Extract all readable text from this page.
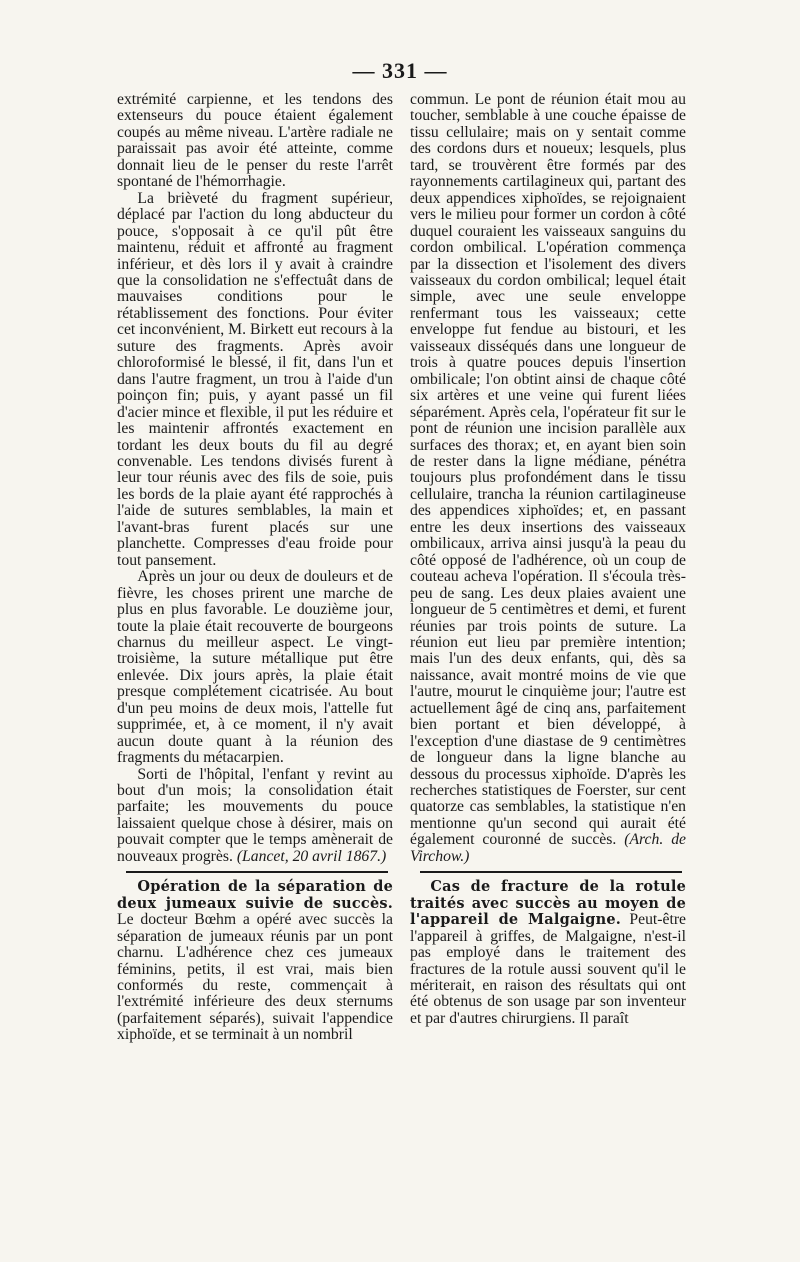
— 331 —

extrémité carpienne, et les tendons des extenseurs du pouce étaient également coupés au même niveau. L'artère radiale ne paraissait pas avoir été atteinte, comme donnait lieu de le penser du reste l'arrêt spontané de l'hémorrhagie.

La brièveté du fragment supérieur, déplacé par l'action du long abducteur du pouce, s'opposait à ce qu'il pût être maintenu, réduit et affronté au fragment inférieur, et dès lors il y avait à craindre que la consolidation ne s'effectuât dans de mauvaises conditions pour le rétablissement des fonctions. Pour éviter cet inconvénient, M. Birkett eut recours à la suture des fragments. Après avoir chloroformisé le blessé, il fit, dans l'un et dans l'autre fragment, un trou à l'aide d'un poinçon fin; puis, y ayant passé un fil d'acier mince et flexible, il put les réduire et les maintenir affrontés exactement en tordant les deux bouts du fil au degré convenable. Les tendons divisés furent à leur tour réunis avec des fils de soie, puis les bords de la plaie ayant été rapprochés à l'aide de sutures semblables, la main et l'avant-bras furent placés sur une planchette. Compresses d'eau froide pour tout pansement.

Après un jour ou deux de douleurs et de fièvre, les choses prirent une marche de plus en plus favorable. Le douzième jour, toute la plaie était recouverte de bourgeons charnus du meilleur aspect. Le vingt-troisième, la suture métallique put être enlevée. Dix jours après, la plaie était presque complétement cicatrisée. Au bout d'un peu moins de deux mois, l'attelle fut supprimée, et, à ce moment, il n'y avait aucun doute quant à la réunion des fragments du métacarpien.

Sorti de l'hôpital, l'enfant y revint au bout d'un mois; la consolidation était parfaite; les mouvements du pouce laissaient quelque chose à désirer, mais on pouvait compter que le temps amènerait de nouveaux progrès. (Lancet, 20 avril 1867.)

Opération de la séparation de deux jumeaux suivie de succès. Le docteur Bœhm a opéré avec succès la séparation de jumeaux réunis par un pont charnu. L'adhérence chez ces jumeaux féminins, petits, il est vrai, mais bien conformés du reste, commençait à l'extrémité inférieure des deux sternums (parfaitement séparés), suivait l'appendice xiphoïde, et se terminait à un nombril

commun. Le pont de réunion était mou au toucher, semblable à une couche épaisse de tissu cellulaire; mais on y sentait comme des cordons durs et noueux; lesquels, plus tard, se trouvèrent être formés par des rayonnements cartilagineux qui, partant des deux appendices xiphoïdes, se rejoignaient vers le milieu pour former un cordon à côté duquel couraient les vaisseaux sanguins du cordon ombilical. L'opération commença par la dissection et l'isolement des divers vaisseaux du cordon ombilical; lequel était simple, avec une seule enveloppe renfermant tous les vaisseaux; cette enveloppe fut fendue au bistouri, et les vaisseaux disséqués dans une longueur de trois à quatre pouces depuis l'insertion ombilicale; l'on obtint ainsi de chaque côté six artères et une veine qui furent liées séparément. Après cela, l'opérateur fit sur le pont de réunion une incision parallèle aux surfaces des thorax; et, en ayant bien soin de rester dans la ligne médiane, pénétra toujours plus profondément dans le tissu cellulaire, trancha la réunion cartilagineuse des appendices xiphoïdes; et, en passant entre les deux insertions des vaisseaux ombilicaux, arriva ainsi jusqu'à la peau du côté opposé de l'adhérence, où un coup de couteau acheva l'opération. Il s'écoula très-peu de sang. Les deux plaies avaient une longueur de 5 centimètres et demi, et furent réunies par trois points de suture. La réunion eut lieu par première intention; mais l'un des deux enfants, qui, dès sa naissance, avait montré moins de vie que l'autre, mourut le cinquième jour; l'autre est actuellement âgé de cinq ans, parfaitement bien portant et bien développé, à l'exception d'une diastase de 9 centimètres de longueur dans la ligne blanche au dessous du processus xiphoïde. D'après les recherches statistiques de Foerster, sur cent quatorze cas semblables, la statistique n'en mentionne qu'un second qui aurait été également couronné de succès. (Arch. de Virchow.)

Cas de fracture de la rotule traités avec succès au moyen de l'appareil de Malgaigne. Peut-être l'appareil à griffes, de Malgaigne, n'est-il pas employé dans le traitement des fractures de la rotule aussi souvent qu'il le mériterait, en raison des résultats qui ont été obtenus de son usage par son inventeur et par d'autres chirurgiens. Il paraît
